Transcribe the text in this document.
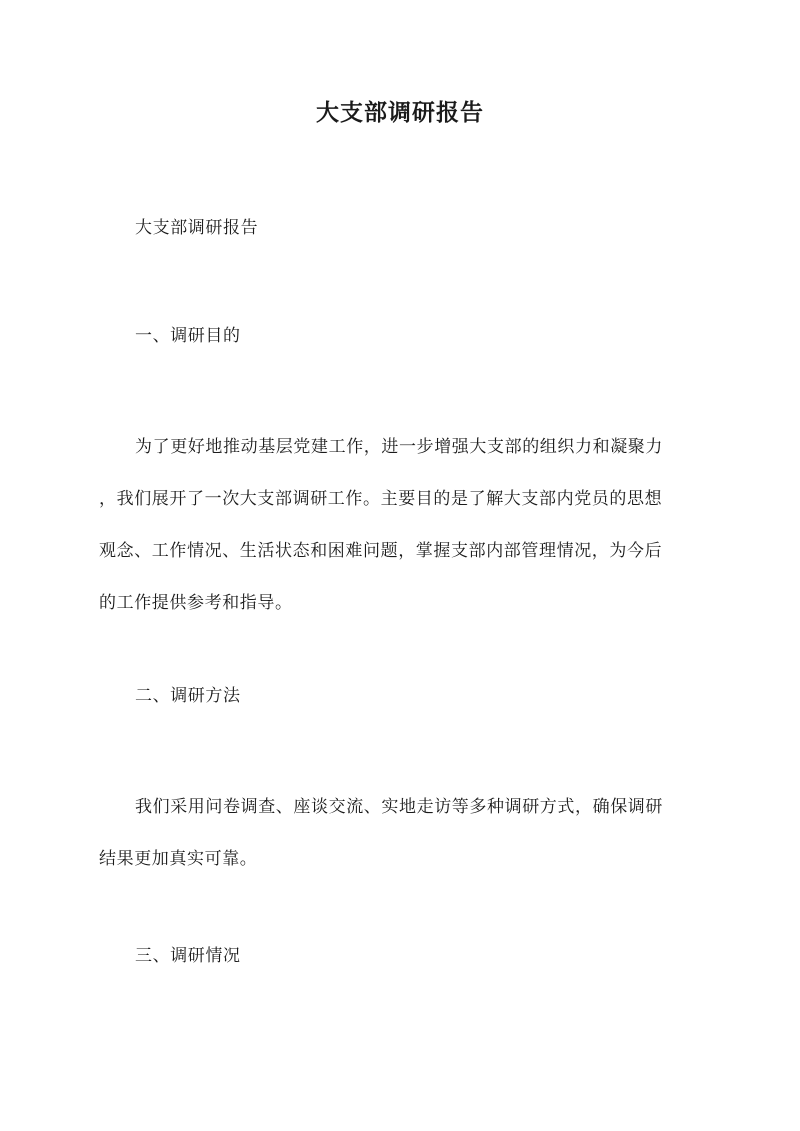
大支部调研报告
大支部调研报告
一、调研目的
为了更好地推动基层党建工作，进一步增强大支部的组织力和凝聚力
，我们展开了一次大支部调研工作。主要目的是了解大支部内党员的思想
观念、工作情况、生活状态和困难问题，掌握支部内部管理情况，为今后
的工作提供参考和指导。
二、调研方法
我们采用问卷调查、座谈交流、实地走访等多种调研方式，确保调研
结果更加真实可靠。
三、调研情况
